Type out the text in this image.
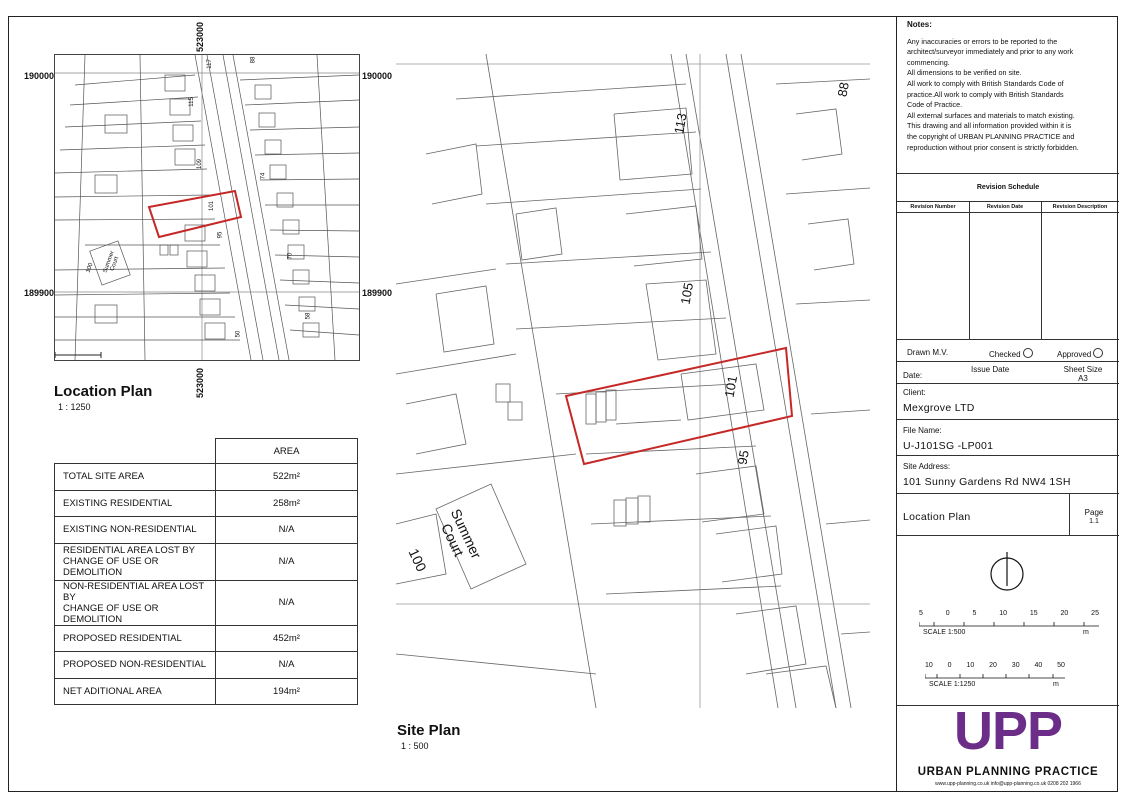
190000	190000
189900	189900
523000
523000
117	88
115
109
74
101
95
70
58
50
Summer Court
100
Location Plan
1 : 1250
	AREA
TOTAL SITE AREA	522m²
EXISTING RESIDENTIAL	258m²
EXISTING NON-RESIDENTIAL	N/A

RESIDENTIAL AREA LOST BY
CHANGE OF USE OR DEMOLITION	N/A

NON-RESIDENTIAL AREA LOST BY
CHANGE OF USE OR DEMOLITION	N/A
PROPOSED RESIDENTIAL	452m²
PROPOSED NON-RESIDENTIAL	N/A
NET ADITIONAL AREA	194m²
113
88
105
101
95
Summer Court
100
Site Plan
1 : 500
Notes:
Any inaccuracies or errors to be reported to the
architect/surveyor immediately and prior to any work
commencing.
All dimensions to be verified on site.
All work to comply with British Standards Code of
practice.All work to comply with British Standards
Code of Practice.
All external surfaces and materials to match existing.
This drawing and all information provided within it is
the copyright of URBAN PLANNING PRACTICE and
reproduction without prior consent is strictly forbidden.
Revision Schedule
Revision Number	Revision Date	Revision Description
Drawn M.V.	Checked	Approved
Date:
Issue Date	Sheet Size
A3
Client:
Mexgrove LTD
File Name:
U-J101SG -LP001
Site Address:
101 Sunny Gardens Rd NW4 1SH
Location Plan	Page
1.1
5	0	5	10	15	20	25
SCALE 1:500	m
10 0 10 20 30 40 50
SCALE 1:1250	m
UPP
URBAN PLANNING PRACTICE
www.upp-planning.co.uk info@upp-planning.co.uk 0208 202 1966
